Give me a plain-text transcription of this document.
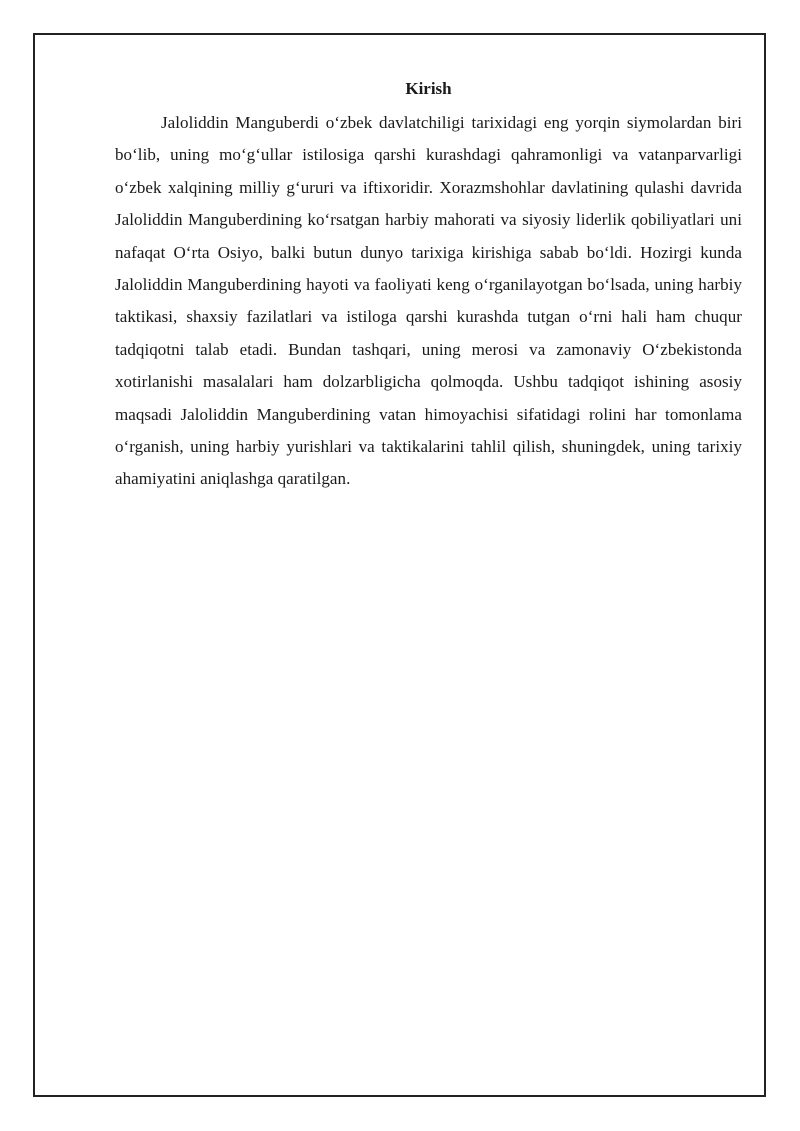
Kirish

Jaloliddin Manguberdi oʻzbek davlatchiligi tarixidagi eng yorqin siymolardan biri boʻlib, uning moʻgʻullar istilosiga qarshi kurashdagi qahramonligi va vatanparvarligi oʻzbek xalqining milliy gʻururi va iftixoridir. Xorazmshohlar davlatining qulashi davrida Jaloliddin Manguberdining koʻrsatgan harbiy mahorati va siyosiy liderlik qobiliyatlari uni nafaqat Oʻrta Osiyo, balki butun dunyo tarixiga kirishiga sabab boʻldi. Hozirgi kunda Jaloliddin Manguberdining hayoti va faoliyati keng oʻrganilayotgan boʻlsada, uning harbiy taktikasi, shaxsiy fazilatlari va istiloga qarshi kurashda tutgan oʻrni hali ham chuqur tadqiqotni talab etadi. Bundan tashqari, uning merosi va zamonaviy Oʻzbekistonda xotirlanishi masalalari ham dolzarbligicha qolmoqda. Ushbu tadqiqot ishining asosiy maqsadi Jaloliddin Manguberdining vatan himoyachisi sifatidagi rolini har tomonlama oʻrganish, uning harbiy yurishlari va taktikalarini tahlil qilish, shuningdek, uning tarixiy ahamiyatini aniqlashga qaratilgan.
